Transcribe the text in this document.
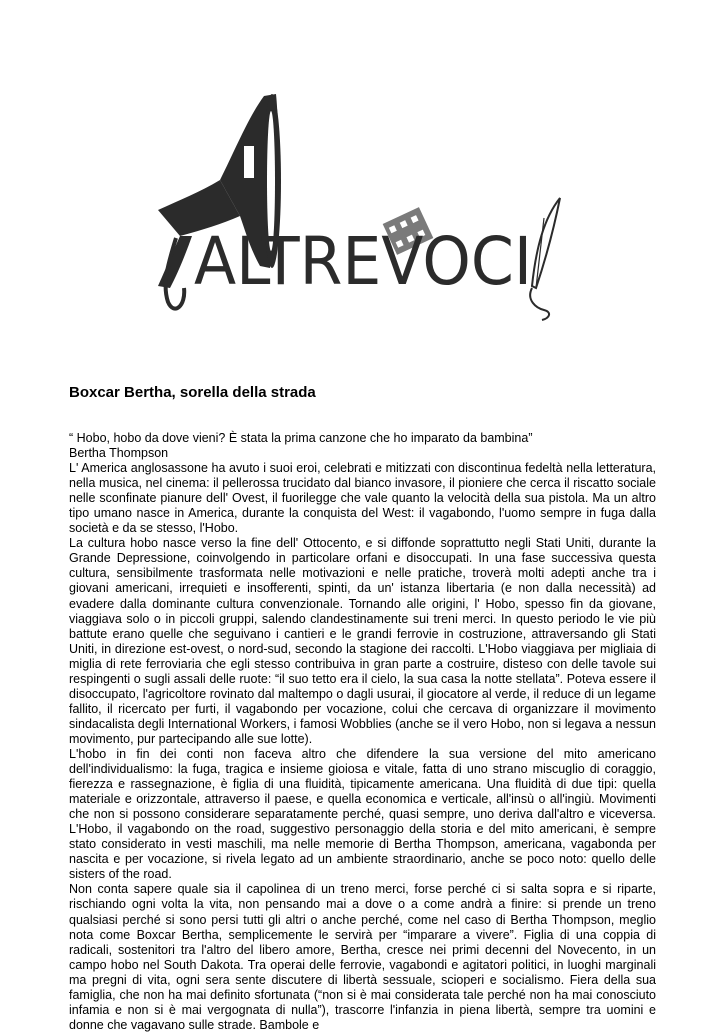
ALTREVOCI
Boxcar Bertha, sorella della strada

“ Hobo, hobo da dove vieni? È stata la prima canzone che ho imparato da bambina”

Bertha Thompson

L' America anglosassone ha avuto i suoi eroi, celebrati e mitizzati con discontinua fedeltà nella letteratura, nella musica, nel cinema: il pellerossa trucidato dal bianco invasore, il pioniere che cerca il riscatto sociale nelle sconfinate pianure dell' Ovest, il fuorilegge che vale quanto la velocità della sua pistola. Ma un altro tipo umano nasce in America, durante la conquista del West: il vagabondo, l'uomo sempre in fuga dalla società e da se stesso, l'Hobo.

La cultura hobo nasce verso la fine dell' Ottocento, e si diffonde soprattutto negli Stati Uniti, durante la Grande Depressione, coinvolgendo in particolare orfani e disoccupati. In una fase successiva questa cultura, sensibilmente trasformata nelle motivazioni e nelle pratiche, troverà molti adepti anche tra i giovani americani, irrequieti e insofferenti, spinti, da un' istanza libertaria (e non dalla necessità) ad evadere dalla dominante cultura convenzionale. Tornando alle origini, l' Hobo, spesso fin da giovane, viaggiava solo o in piccoli gruppi, salendo clandestinamente sui treni merci. In questo periodo le vie più battute erano quelle che seguivano i cantieri e le grandi ferrovie in costruzione, attraversando gli Stati Uniti, in direzione est-ovest, o nord-sud, secondo la stagione dei raccolti. L'Hobo viaggiava per migliaia di miglia di rete ferroviaria che egli stesso contribuiva in gran parte a costruire, disteso con delle tavole sui respingenti o sugli assali delle ruote: “il suo tetto era il cielo, la sua casa la notte stellata”. Poteva essere il disoccupato, l'agricoltore rovinato dal maltempo o dagli usurai, il giocatore al verde, il reduce di un legame fallito, il ricercato per furti, il vagabondo per vocazione, colui che cercava di organizzare il movimento sindacalista degli International Workers, i famosi Wobblies (anche se il vero Hobo, non si legava a nessun movimento, pur partecipando alle sue lotte).

L'hobo in fin dei conti non faceva altro che difendere la sua versione del mito americano dell'individualismo: la fuga, tragica e insieme gioiosa e vitale, fatta di uno strano miscuglio di coraggio, fierezza e rassegnazione, è figlia di una fluidità, tipicamente americana. Una fluidità di due tipi: quella materiale e orizzontale, attraverso il paese, e quella economica e verticale, all'insù o all'ingiù. Movimenti che non si possono considerare separatamente perché, quasi sempre, uno deriva dall'altro e viceversa. L'Hobo, il vagabondo on the road, suggestivo personaggio della storia e del mito americani, è sempre stato considerato in vesti maschili, ma nelle memorie di Bertha Thompson, americana, vagabonda per nascita e per vocazione, si rivela legato ad un ambiente straordinario, anche se poco noto: quello delle sisters of the road.

Non conta sapere quale sia il capolinea di un treno merci, forse perché ci si salta sopra e si riparte, rischiando ogni volta la vita, non pensando mai a dove o a come andrà a finire: si prende un treno qualsiasi perché si sono persi tutti gli altri o anche perché, come nel caso di Bertha Thompson, meglio nota come Boxcar Bertha, semplicemente le servirà per “imparare a vivere”. Figlia di una coppia di radicali, sostenitori tra l'altro del libero amore, Bertha, cresce nei primi decenni del Novecento, in un campo hobo nel South Dakota. Tra operai delle ferrovie, vagabondi e agitatori politici, in luoghi marginali ma pregni di vita, ogni sera sente discutere di libertà sessuale, scioperi e socialismo. Fiera della sua famiglia, che non ha mai definito sfortunata (“non si è mai considerata tale perché non ha mai conosciuto infamia e non si è mai vergognata di nulla”), trascorre l'infanzia in piena libertà, sempre tra uomini e donne che vagavano sulle strade. Bambole e
